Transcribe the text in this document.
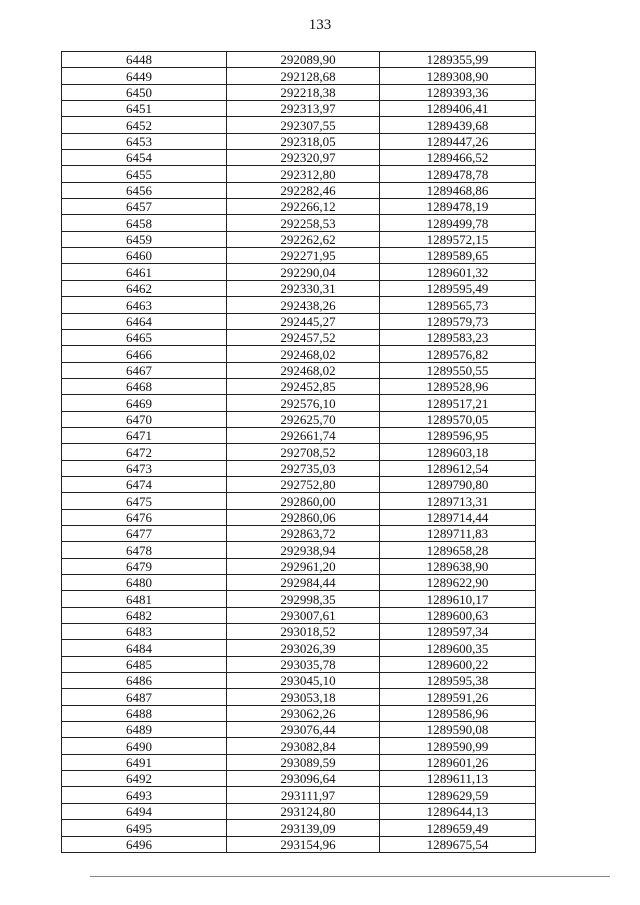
133
6448	292089,90	1289355,99
6449	292128,68	1289308,90
6450	292218,38	1289393,36
6451	292313,97	1289406,41
6452	292307,55	1289439,68
6453	292318,05	1289447,26
6454	292320,97	1289466,52
6455	292312,80	1289478,78
6456	292282,46	1289468,86
6457	292266,12	1289478,19
6458	292258,53	1289499,78
6459	292262,62	1289572,15
6460	292271,95	1289589,65
6461	292290,04	1289601,32
6462	292330,31	1289595,49
6463	292438,26	1289565,73
6464	292445,27	1289579,73
6465	292457,52	1289583,23
6466	292468,02	1289576,82
6467	292468,02	1289550,55
6468	292452,85	1289528,96
6469	292576,10	1289517,21
6470	292625,70	1289570,05
6471	292661,74	1289596,95
6472	292708,52	1289603,18
6473	292735,03	1289612,54
6474	292752,80	1289790,80
6475	292860,00	1289713,31
6476	292860,06	1289714,44
6477	292863,72	1289711,83
6478	292938,94	1289658,28
6479	292961,20	1289638,90
6480	292984,44	1289622,90
6481	292998,35	1289610,17
6482	293007,61	1289600,63
6483	293018,52	1289597,34
6484	293026,39	1289600,35
6485	293035,78	1289600,22
6486	293045,10	1289595,38
6487	293053,18	1289591,26
6488	293062,26	1289586,96
6489	293076,44	1289590,08
6490	293082,84	1289590,99
6491	293089,59	1289601,26
6492	293096,64	1289611,13
6493	293111,97	1289629,59
6494	293124,80	1289644,13
6495	293139,09	1289659,49
6496	293154,96	1289675,54
